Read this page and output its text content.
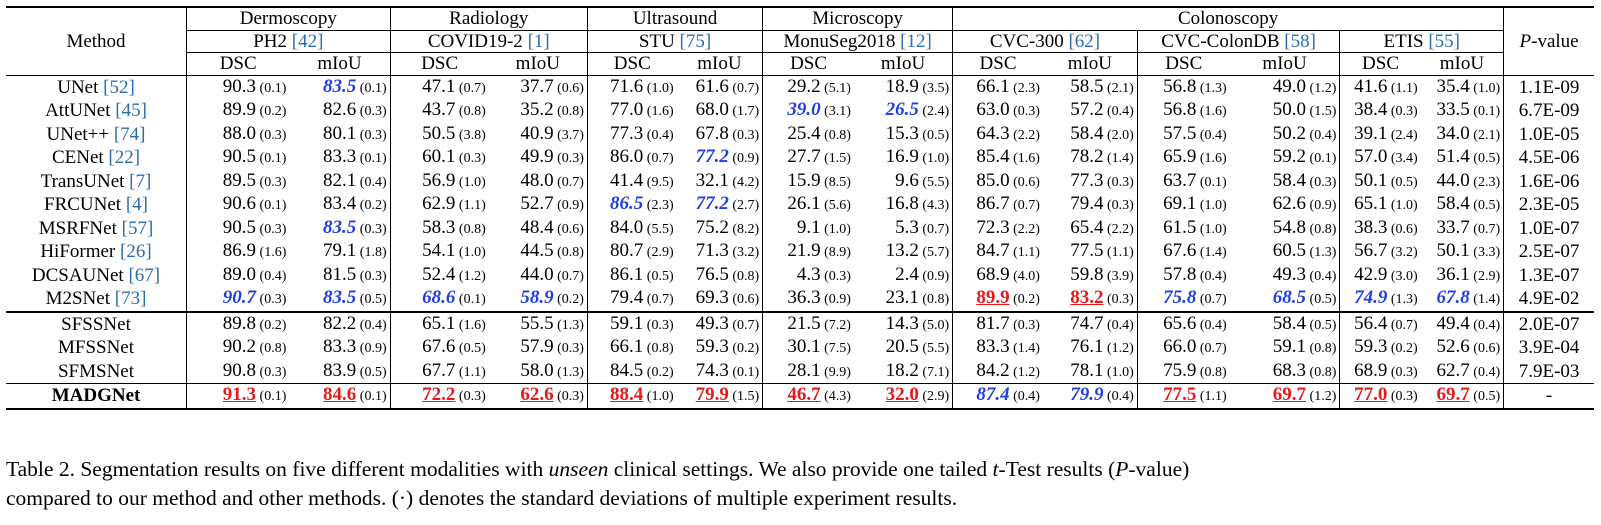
Method	Dermoscopy		Radiology		Ultrasound		Microscopy		Colonoscopy						P-value
	PH2 [42]		COVID19-2 [1]		STU [75]		MonuSeg2018 [12]		CVC-300 [62]		CVC-ColonDB [58]		ETIS [55]		
	DSC	mIoU	DSC	mIoU	DSC	mIoU	DSC	mIoU	DSC	mIoU	DSC	mIoU	DSC	mIoU	
UNet [52]	90.3 (0.1)	83.5 (0.1)	47.1 (0.7)	37.7 (0.6)	71.6 (1.0)	61.6 (0.7)	29.2 (5.1)	18.9 (3.5)	66.1 (2.3)	58.5 (2.1)	56.8 (1.3)	49.0 (1.2)	41.6 (1.1)	35.4 (1.0)	1.1E-09
AttUNet [45]	89.9 (0.2)	82.6 (0.3)	43.7 (0.8)	35.2 (0.8)	77.0 (1.6)	68.0 (1.7)	39.0 (3.1)	26.5 (2.4)	63.0 (0.3)	57.2 (0.4)	56.8 (1.6)	50.0 (1.5)	38.4 (0.3)	33.5 (0.1)	6.7E-09
UNet++ [74]	88.0 (0.3)	80.1 (0.3)	50.5 (3.8)	40.9 (3.7)	77.3 (0.4)	67.8 (0.3)	25.4 (0.8)	15.3 (0.5)	64.3 (2.2)	58.4 (2.0)	57.5 (0.4)	50.2 (0.4)	39.1 (2.4)	34.0 (2.1)	1.0E-05
CENet [22]	90.5 (0.1)	83.3 (0.1)	60.1 (0.3)	49.9 (0.3)	86.0 (0.7)	77.2 (0.9)	27.7 (1.5)	16.9 (1.0)	85.4 (1.6)	78.2 (1.4)	65.9 (1.6)	59.2 (0.1)	57.0 (3.4)	51.4 (0.5)	4.5E-06
TransUNet [7]	89.5 (0.3)	82.1 (0.4)	56.9 (1.0)	48.0 (0.7)	41.4 (9.5)	32.1 (4.2)	15.9 (8.5)	9.6 (5.5)	85.0 (0.6)	77.3 (0.3)	63.7 (0.1)	58.4 (0.3)	50.1 (0.5)	44.0 (2.3)	1.6E-06
FRCUNet [4]	90.6 (0.1)	83.4 (0.2)	62.9 (1.1)	52.7 (0.9)	86.5 (2.3)	77.2 (2.7)	26.1 (5.6)	16.8 (4.3)	86.7 (0.7)	79.4 (0.3)	69.1 (1.0)	62.6 (0.9)	65.1 (1.0)	58.4 (0.5)	2.3E-05
MSRFNet [57]	90.5 (0.3)	83.5 (0.3)	58.3 (0.8)	48.4 (0.6)	84.0 (5.5)	75.2 (8.2)	9.1 (1.0)	5.3 (0.7)	72.3 (2.2)	65.4 (2.2)	61.5 (1.0)	54.8 (0.8)	38.3 (0.6)	33.7 (0.7)	1.0E-07
HiFormer [26]	86.9 (1.6)	79.1 (1.8)	54.1 (1.0)	44.5 (0.8)	80.7 (2.9)	71.3 (3.2)	21.9 (8.9)	13.2 (5.7)	84.7 (1.1)	77.5 (1.1)	67.6 (1.4)	60.5 (1.3)	56.7 (3.2)	50.1 (3.3)	2.5E-07
DCSAUNet [67]	89.0 (0.4)	81.5 (0.3)	52.4 (1.2)	44.0 (0.7)	86.1 (0.5)	76.5 (0.8)	4.3 (0.3)	2.4 (0.9)	68.9 (4.0)	59.8 (3.9)	57.8 (0.4)	49.3 (0.4)	42.9 (3.0)	36.1 (2.9)	1.3E-07
M2SNet [73]	90.7 (0.3)	83.5 (0.5)	68.6 (0.1)	58.9 (0.2)	79.4 (0.7)	69.3 (0.6)	36.3 (0.9)	23.1 (0.8)	89.9 (0.2)	83.2 (0.3)	75.8 (0.7)	68.5 (0.5)	74.9 (1.3)	67.8 (1.4)	4.9E-02
SFSSNet	89.8 (0.2)	82.2 (0.4)	65.1 (1.6)	55.5 (1.3)	59.1 (0.3)	49.3 (0.7)	21.5 (7.2)	14.3 (5.0)	81.7 (0.3)	74.7 (0.4)	65.6 (0.4)	58.4 (0.5)	56.4 (0.7)	49.4 (0.4)	2.0E-07
MFSSNet	90.2 (0.8)	83.3 (0.9)	67.6 (0.5)	57.9 (0.3)	66.1 (0.8)	59.3 (0.2)	30.1 (7.5)	20.5 (5.5)	83.3 (1.4)	76.1 (1.2)	66.0 (0.7)	59.1 (0.8)	59.3 (0.2)	52.6 (0.6)	3.9E-04
SFMSNet	90.8 (0.3)	83.9 (0.5)	67.7 (1.1)	58.0 (1.3)	84.5 (0.2)	74.3 (0.1)	28.1 (9.9)	18.2 (7.1)	84.2 (1.2)	78.1 (1.0)	75.9 (0.8)	68.3 (0.8)	68.9 (0.3)	62.7 (0.4)	7.9E-03
MADGNet	91.3 (0.1)	84.6 (0.1)	72.2 (0.3)	62.6 (0.3)	88.4 (1.0)	79.9 (1.5)	46.7 (4.3)	32.0 (2.9)	87.4 (0.4)	79.9 (0.4)	77.5 (1.1)	69.7 (1.2)	77.0 (0.3)	69.7 (0.5)	-
Table 2. Segmentation results on five different modalities with unseen clinical settings. We also provide one tailed t-Test results (P-value)
compared to our method and other methods. (·) denotes the standard deviations of multiple experiment results.
